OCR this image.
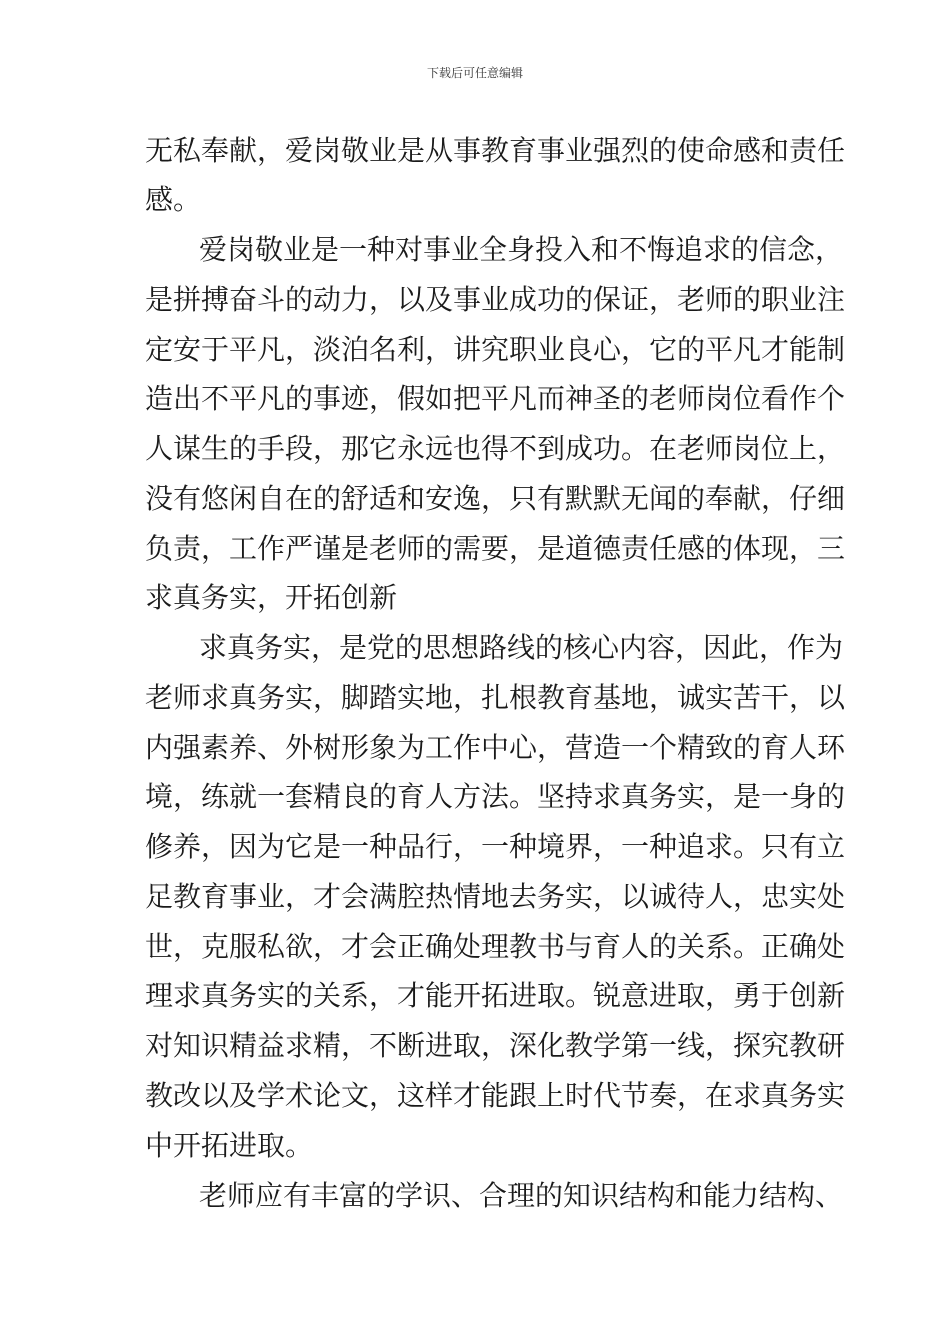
下载后可任意编辑
无私奉献，爱岗敬业是从事教育事业强烈的使命感和责任
感。
爱岗敬业是一种对事业全身投入和不悔追求的信念，
是拼搏奋斗的动力，以及事业成功的保证，老师的职业注
定安于平凡，淡泊名利，讲究职业良心，它的平凡才能制
造出不平凡的事迹，假如把平凡而神圣的老师岗位看作个
人谋生的手段，那它永远也得不到成功。在老师岗位上，
没有悠闲自在的舒适和安逸，只有默默无闻的奉献，仔细
负责，工作严谨是老师的需要，是道德责任感的体现，三
求真务实，开拓创新
求真务实，是党的思想路线的核心内容，因此，作为
老师求真务实，脚踏实地，扎根教育基地，诚实苦干，以
内强素养、外树形象为工作中心，营造一个精致的育人环
境，练就一套精良的育人方法。坚持求真务实，是一身的
修养，因为它是一种品行，一种境界，一种追求。只有立
足教育事业，才会满腔热情地去务实，以诚待人，忠实处
世，克服私欲，才会正确处理教书与育人的关系。正确处
理求真务实的关系，才能开拓进取。锐意进取，勇于创新
对知识精益求精，不断进取，深化教学第一线，探究教研
教改以及学术论文，这样才能跟上时代节奏，在求真务实
中开拓进取。
老师应有丰富的学识、合理的知识结构和能力结构、
